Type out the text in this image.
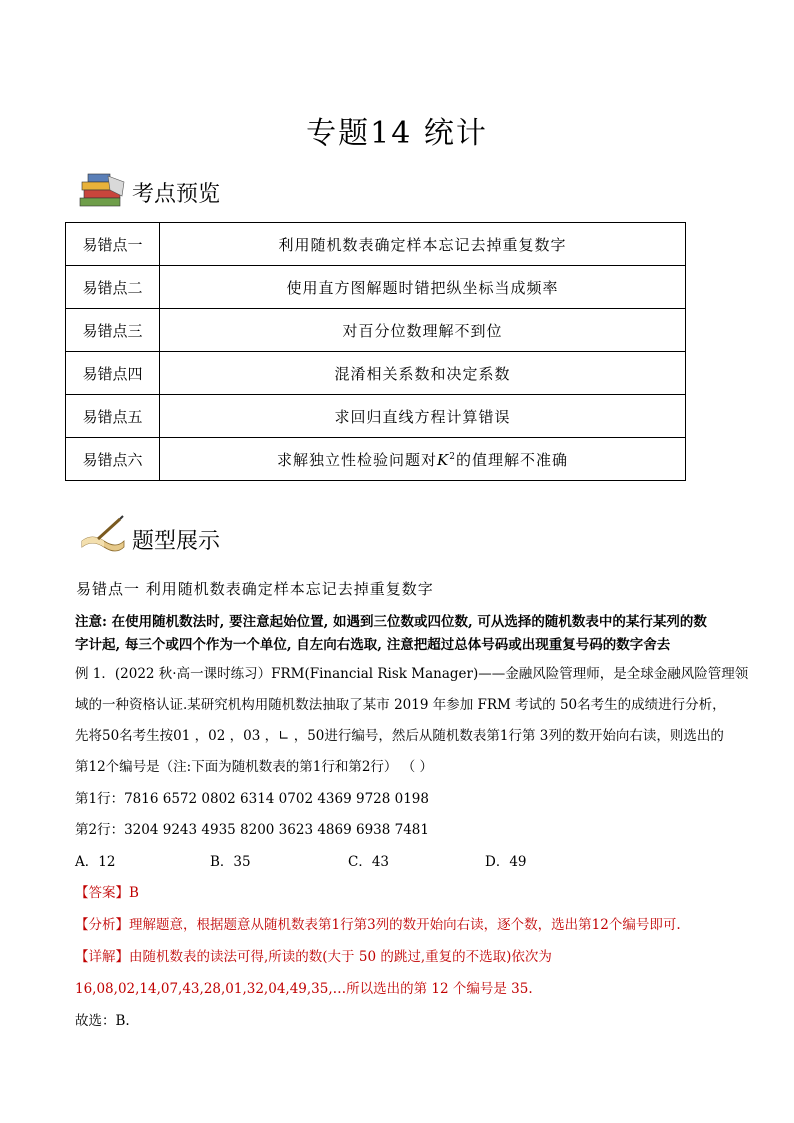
专题14 统计
考点预览
易错点一	利用随机数表确定样本忘记去掉重复数字
易错点二	使用直方图解题时错把纵坐标当成频率
易错点三	对百分位数理解不到位
易错点四	混淆相关系数和决定系数
易错点五	求回归直线方程计算错误
易错点六	求解独立性检验问题对$K^2$的值理解不准确
题型展示
易错点一 利用随机数表确定样本忘记去掉重复数字
注意: 在使用随机数法时, 要注意起始位置, 如遇到三位数或四位数, 可从选择的随机数表中的某行某列的数
字计起, 每三个或四个作为一个单位, 自左向右选取, 注意把超过总体号码或出现重复号码的数字舍去
例 1．(2022 秋·高一课时练习）FRM(Financial Risk Manager)——金融风险管理师，是全球金融风险管理领
域的一种资格认证.某研究机构用随机数法抽取了某市 2019 年参加 FRM 考试的 50名考生的成绩进行分析，
先将50名考生按01 ，02 ，03 ，∟ ，50进行编号，然后从随机数表第1行第 3列的数开始向右读，则选出的
第12个编号是（注:下面为随机数表的第1行和第2行） （ ）
第1行：7816 6572 0802 6314 0702 4369 9728 0198
第2行：3204 9243 4935 8200 3623 4869 6938 7481
A．12	B．35	C．43	D．49
【答案】B
【分析】理解题意，根据题意从随机数表第1行第3列的数开始向右读，逐个数，选出第12个编号即可.
【详解】由随机数表的读法可得,所读的数(大于 50 的跳过,重复的不选取)依次为
16,08,02,14,07,43,28,01,32,04,49,35,…所以选出的第 12 个编号是 35.
故选：B.
